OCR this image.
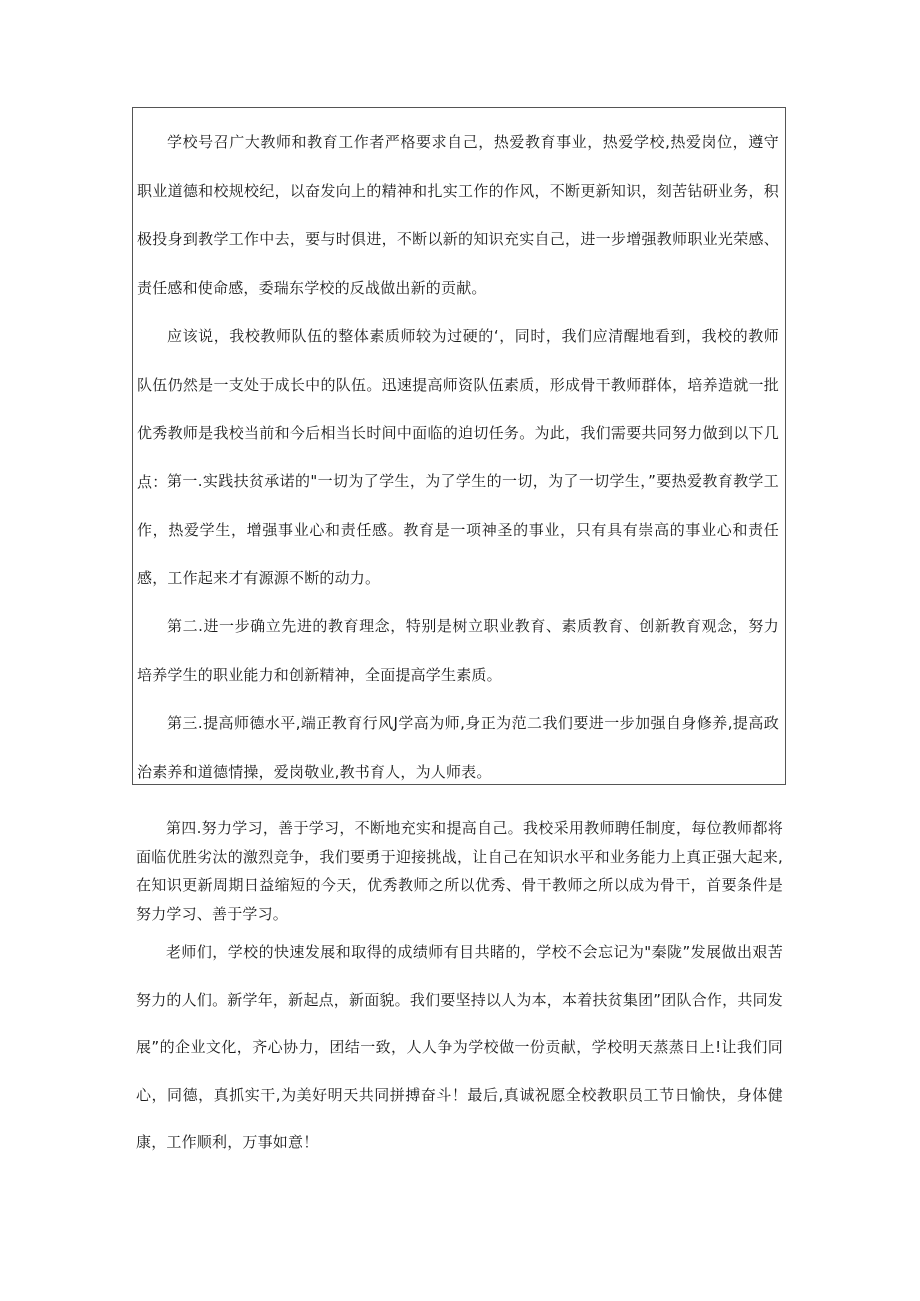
学校号召广大教师和教育工作者严格要求自己，热爱教育事业，热爱学校,热爱岗位，遵守职业道德和校规校纪，以奋发向上的精神和扎实工作的作风，不断更新知识，刻苦钻研业务，积极投身到教学工作中去，要与时俱进，不断以新的知识充实自己，进一步增强教师职业光荣感、责任感和使命感，委瑞东学校的反战做出新的贡献。

应该说，我校教师队伍的整体素质师较为过硬的‘，同时，我们应清醒地看到，我校的教师队伍仍然是一支处于成长中的队伍。迅速提高师资队伍素质，形成骨干教师群体，培养造就一批优秀教师是我校当前和今后相当长时间中面临的迫切任务。为此，我们需要共同努力做到以下几点： 第一.实践扶贫承诺的"一切为了学生，为了学生的一切，为了一切学生，”要热爱教育教学工作，热爱学生，增强事业心和责任感。教育是一项神圣的事业，只有具有崇高的事业心和责任感，工作起来才有源源不断的动力。

第二.进一步确立先进的教育理念，特别是树立职业教育、素质教育、创新教育观念，努力培养学生的职业能力和创新精神，全面提高学生素质。

第三.提高师德水平,端正教育行风J学高为师,身正为范二我们要进一步加强自身修养,提高政治素养和道德情操，爱岗敬业,教书育人，为人师表。

第四.努力学习，善于学习，不断地充实和提高自己。我校采用教师聘任制度，每位教师都将面临优胜劣汰的激烈竞争，我们要勇于迎接挑战，让自己在知识水平和业务能力上真正强大起来,在知识更新周期日益缩短的今天，优秀教师之所以优秀、骨干教师之所以成为骨干，首要条件是努力学习、善于学习。

老师们，学校的快速发展和取得的成绩师有目共睹的，学校不会忘记为"秦陇”发展做出艰苦努力的人们。新学年，新起点，新面貌。我们要坚持以人为本，本着扶贫集团”团队合作，共同发展”的企业文化，齐心协力，团结一致，人人争为学校做一份贡献，学校明天蒸蒸日上!让我们同心，同德，真抓实干,为美好明天共同拼搏奋斗！最后,真诚祝愿全校教职员工节日愉快，身体健康，工作顺利，万事如意！
